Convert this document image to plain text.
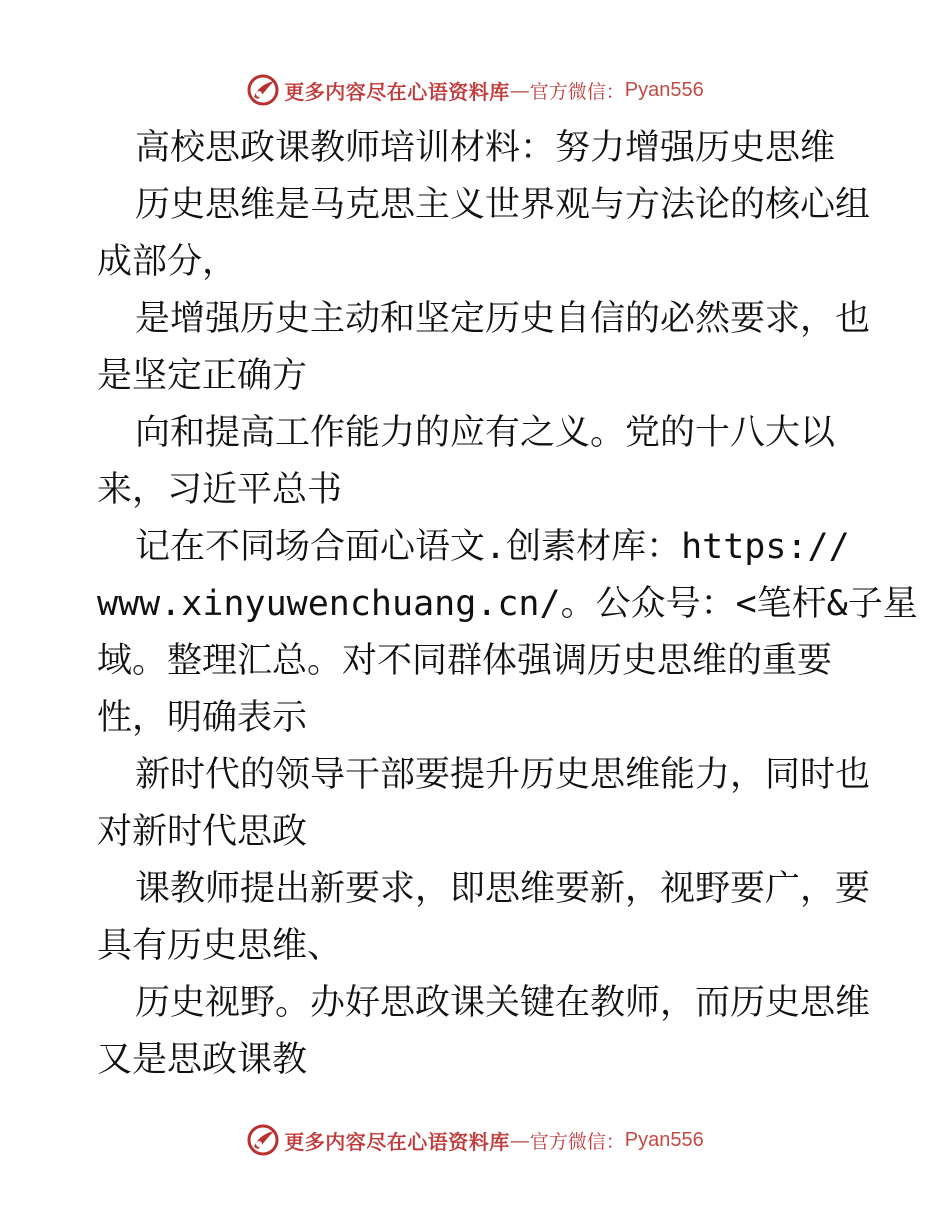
更多内容尽在心语资料库 — 官方微信： Pyan556
高校思政课教师培训材料：努力增强历史思维
历史思维是马克思主义世界观与方法论的核心组
成部分，
是增强历史主动和坚定历史自信的必然要求，也
是坚定正确方
向和提高工作能力的应有之义。党的十八大以
来，习近平总书
记在不同场合面心语文.创素材库：https://
www.xinyuwenchuang.cn/。公众号：<笔杆&子星
域。整理汇总。对不同群体强调历史思维的重要
性，明确表示
新时代的领导干部要提升历史思维能力，同时也
对新时代思政
课教师提出新要求，即思维要新，视野要广，要
具有历史思维、
历史视野。办好思政课关键在教师，而历史思维
又是思政课教
更多内容尽在心语资料库 — 官方微信： Pyan556
